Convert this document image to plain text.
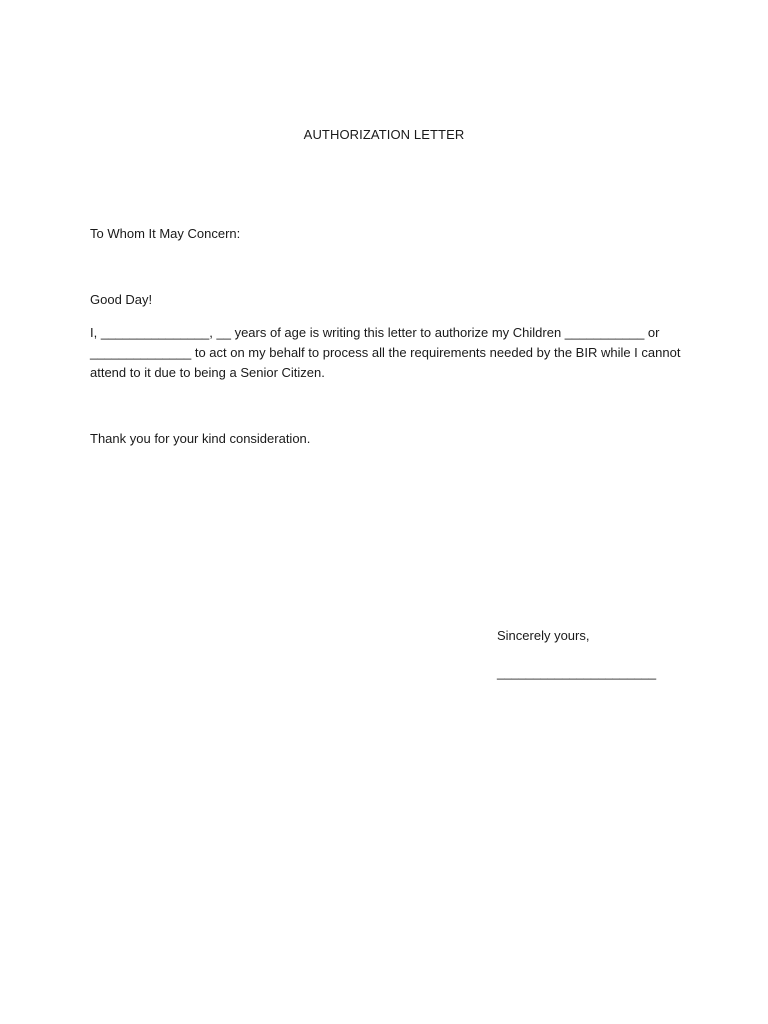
AUTHORIZATION LETTER
To Whom It May Concern:
Good Day!
I, _______________, __ years of age is writing this letter to authorize my Children ___________ or
______________ to act on my behalf to process all the requirements needed by the BIR while I cannot
attend to it due to being a Senior Citizen.
Thank you for your kind consideration.
Sincerely yours,
______________________
